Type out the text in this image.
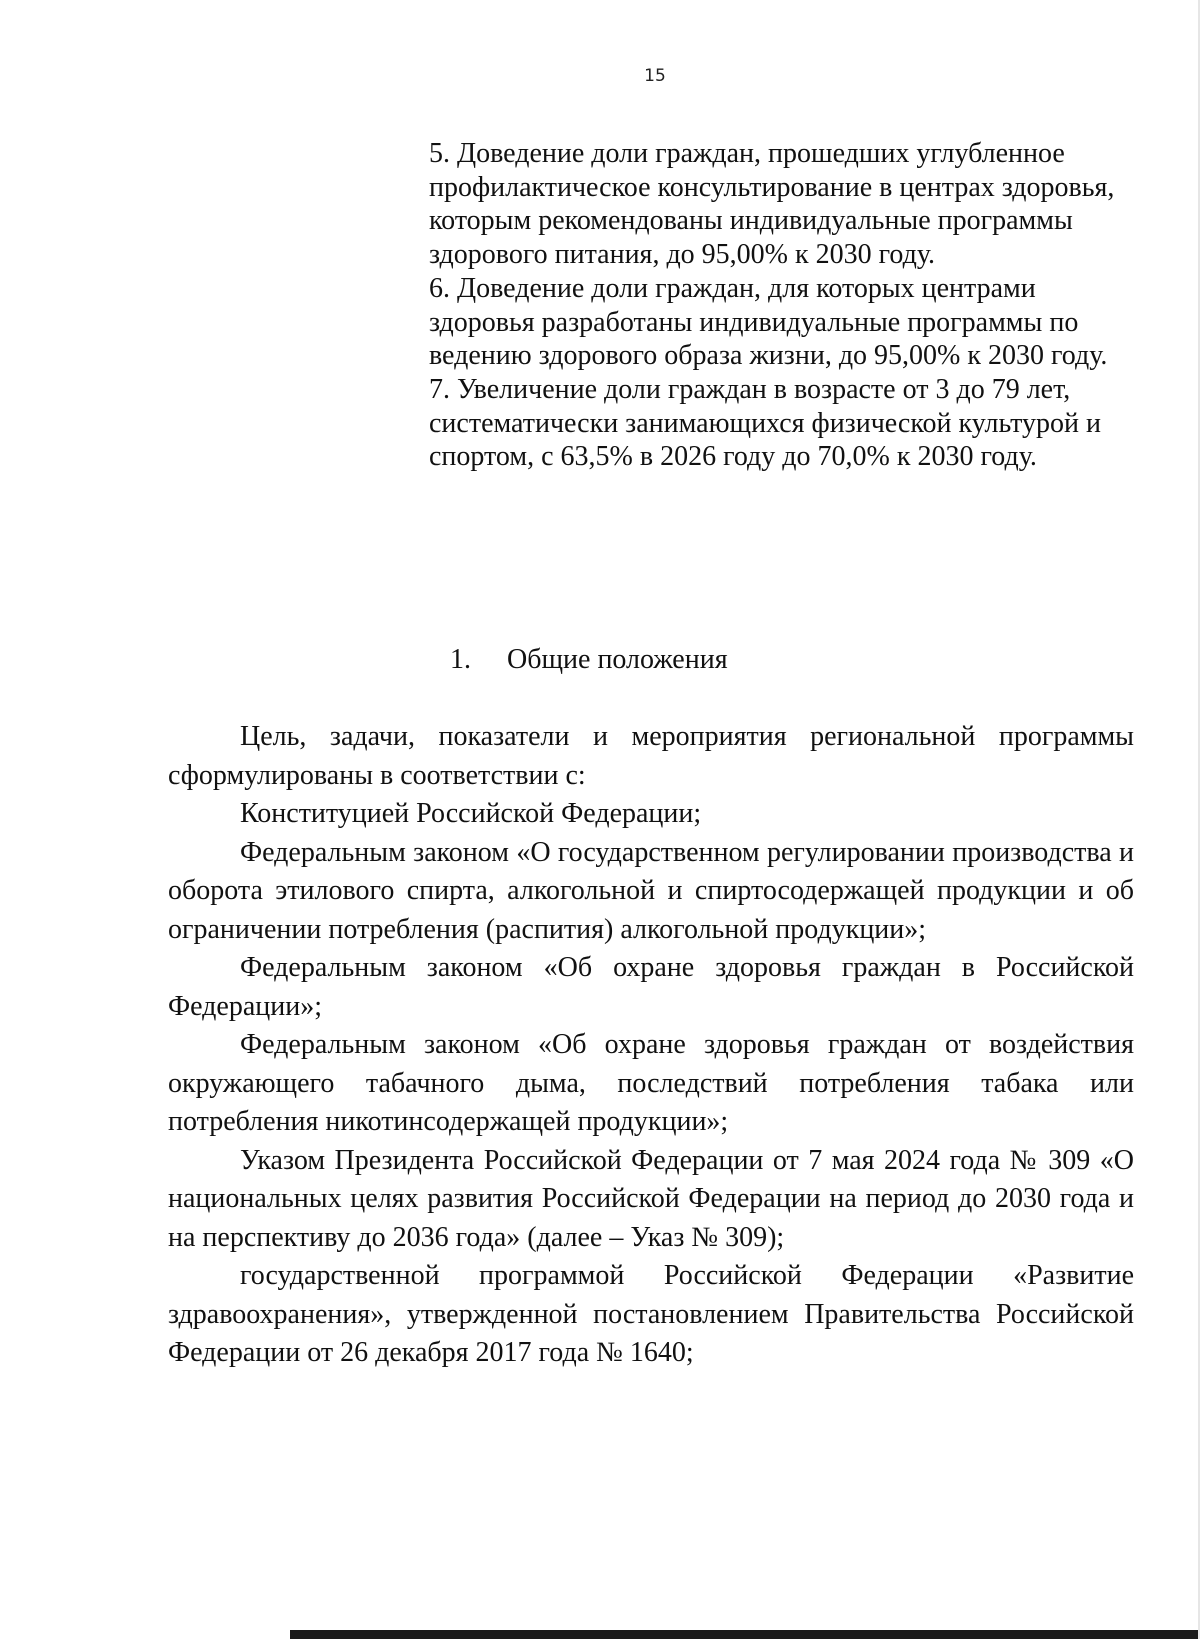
15

5. Доведение доли граждан, прошедших углубленное профилактическое консультирование в центрах здоровья, которым рекомендованы индивидуальные программы здорового питания, до 95,00% к 2030 году.

6. Доведение доли граждан, для которых центрами здоровья разработаны индивидуальные программы по ведению здорового образа жизни, до 95,00% к 2030 году.

7. Увеличение доли граждан в возрасте от 3 до 79 лет, систематически занимающихся физической культурой и спортом, с 63,5% в 2026 году до 70,0% к 2030 году.

1. Общие положения

Цель, задачи, показатели и мероприятия региональной программы сформулированы в соответствии с:

Конституцией Российской Федерации;

Федеральным законом «О государственном регулировании производства и оборота этилового спирта, алкогольной и спиртосодержащей продукции и об ограничении потребления (распития) алкогольной продукции»;

Федеральным законом «Об охране здоровья граждан в Российской Федерации»;

Федеральным законом «Об охране здоровья граждан от воздействия окружающего табачного дыма, последствий потребления табака или потребления никотинсодержащей продукции»;

Указом Президента Российской Федерации от 7 мая 2024 года № 309 «О национальных целях развития Российской Федерации на период до 2030 года и на перспективу до 2036 года» (далее – Указ № 309);

государственной программой Российской Федерации «Развитие здравоохранения», утвержденной постановлением Правительства Российской Федерации от 26 декабря 2017 года № 1640;
